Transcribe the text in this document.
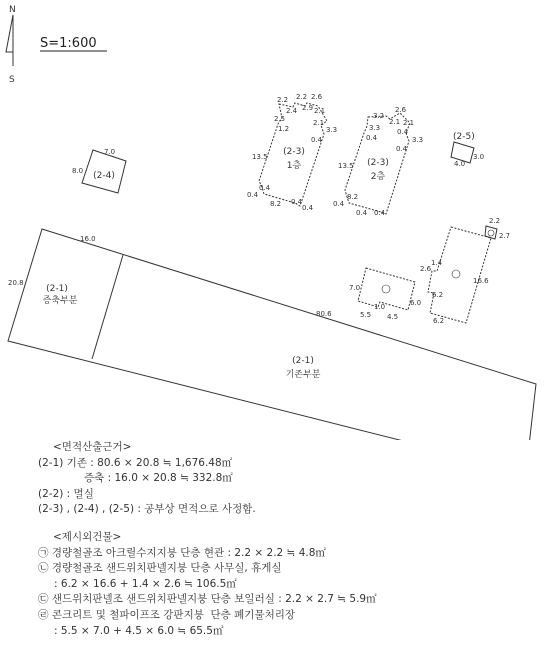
N
S
S=1:600
16.0
20.8
(2-1)
증축부분
80.6
(2-1)
기존부분
2.2 2.2 2.6
2.4 2.9 2.1
2.5
1.2
2.1
3.3
0.4
13.5
0.4
0.4
8.2 0.4
0.4
(2-3)
1층
3.2
2.6
2.1 2.1
3.3
0.4
3.3
0.4
13.5
0.4
0.4
8.2
0.4 0.4
(2-3)
2층
7.0
8.0 (2-4)
(2-5)
3.0
4.0
2.2
2.7
1.4
2.6
16.6
6.2
6.2
7.0
1.0
5.5 4.5
6.0
<면적산출근거>
(2-1) 기존 : 80.6 × 20.8 ≒ 1,676.48㎡
증축 : 16.0 × 20.8 ≒ 332.8㎡
(2-2) : 멸실
(2-3) , (2-4) , (2-5) : 공부상 면적으로 사정함.
<제시외건물>
㉠ 경량철골조 아크릴수지지붕 단층 현관 : 2.2 × 2.2 ≒ 4.8㎡
㉡ 경량철골조 샌드위치판넬지붕 단층 사무실, 휴게실
: 6.2 × 16.6 + 1.4 × 2.6 ≒ 106.5㎡
㉢ 샌드위치판넬조 샌드위치판넬지붕 단층 보일러실 : 2.2 × 2.7 ≒ 5.9㎡
㉣ 콘크리트 및 철파이프조 강판지붕  단층 폐기물처리장
: 5.5 × 7.0 + 4.5 × 6.0 ≒ 65.5㎡
